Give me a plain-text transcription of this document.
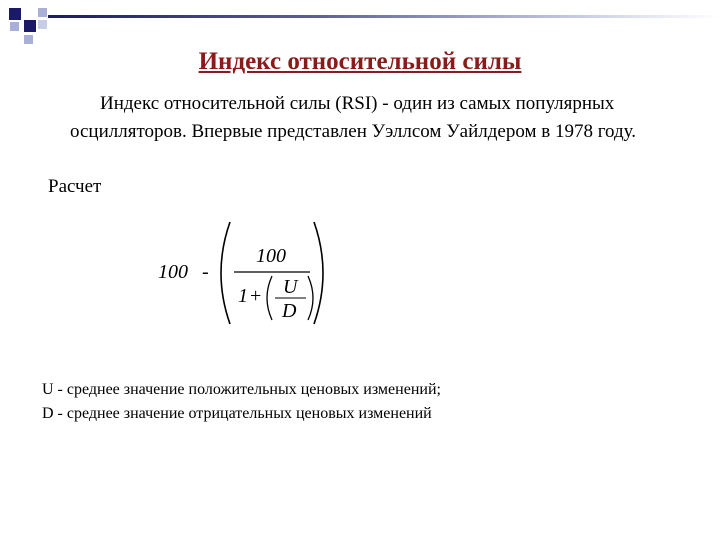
Индекс относительной силы
Индекс относительной силы (RSI) - один из самых популярных
осцилляторов. Впервые представлен Уэллсом Уайлдером в 1978 году.
Расчет
100 -
100
1 + U
D
U - среднее значение положительных ценовых изменений;
D - среднее значение отрицательных ценовых изменений
